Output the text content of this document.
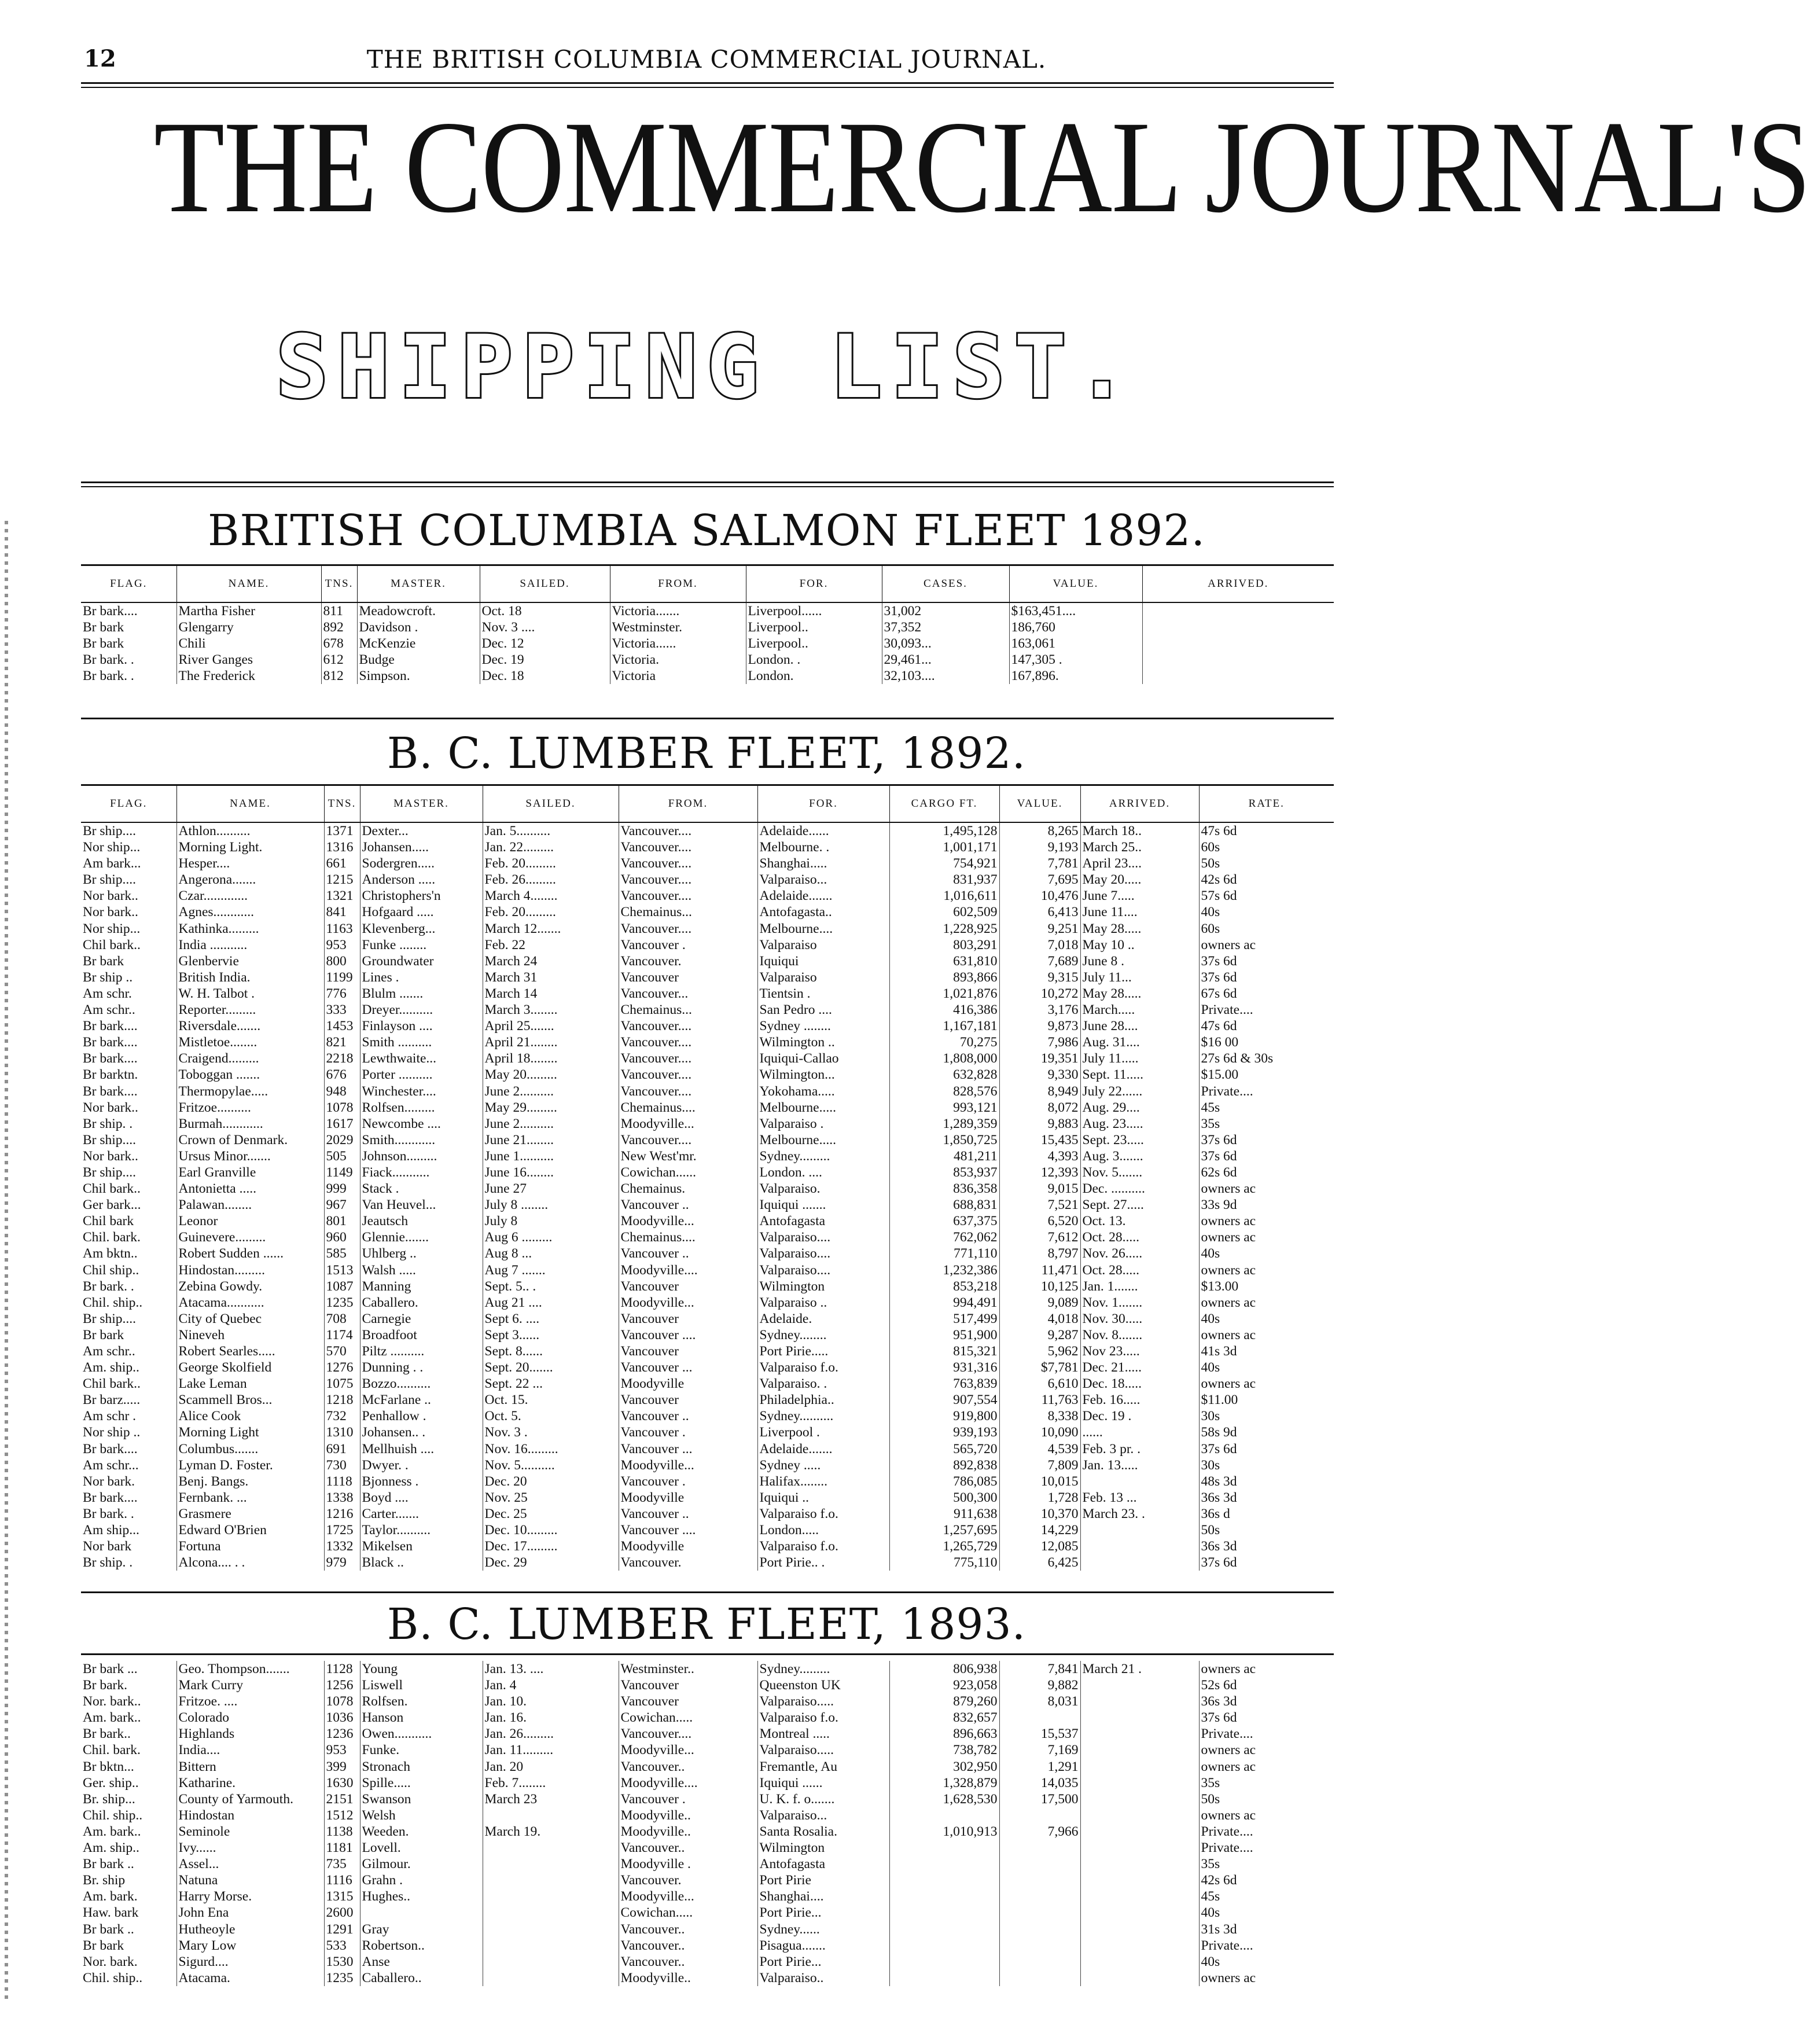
12	THE BRITISH COLUMBIA COMMERCIAL JOURNAL.
THE COMMERCIAL JOURNAL'S
SHIPPING LIST.
BRITISH COLUMBIA SALMON FLEET 1892.
FLAG.	NAME.	TNS.	MASTER.	SAILED.	FROM.	FOR.	CASES.	VALUE.	ARRIVED.
Br bark....	Martha Fisher	811	Meadowcroft.	Oct. 18	Victoria.......	Liverpool......	31,002	$163,451....	
Br bark	Glengarry	892	Davidson .	Nov. 3 ....	Westminster.	Liverpool..	37,352	186,760	
Br bark	Chili	678	McKenzie	Dec. 12	Victoria......	Liverpool..	30,093...	163,061	
Br bark. .	River Ganges	612	Budge	Dec. 19	Victoria.	London. .	29,461...	147,305 .	
Br bark. .	The Frederick	812	Simpson.	Dec. 18	Victoria	London.	32,103....	167,896.	
B. C. LUMBER FLEET, 1892.
FLAG.	NAME.	TNS.	MASTER.	SAILED.	FROM.	FOR.	CARGO FT.	VALUE.	ARRIVED.	RATE.
Br ship....	Athlon..........	1371	Dexter...	Jan. 5..........	Vancouver....	Adelaide......	1,495,128	8,265	March 18..	47s 6d
Nor ship...	Morning Light.	1316	Johansen.....	Jan. 22.........	Vancouver....	Melbourne. .	1,001,171	9,193	March 25..	60s
Am bark...	Hesper....	661	Sodergren.....	Feb. 20.........	Vancouver....	Shanghai.....	754,921	7,781	April 23....	50s
Br ship....	Angerona.......	1215	Anderson .....	Feb. 26.........	Vancouver....	Valparaiso...	831,937	7,695	May 20.....	42s 6d
Nor bark..	Czar.............	1321	Christophers'n	March 4........	Vancouver....	Adelaide.......	1,016,611	10,476	June 7.....	57s 6d
Nor bark..	Agnes............	841	Hofgaard .....	Feb. 20.........	Chemainus...	Antofagasta..	602,509	6,413	June 11....	40s
Nor ship...	Kathinka.........	1163	Klevenberg...	March 12.......	Vancouver....	Melbourne....	1,228,925	9,251	May 28.....	60s
Chil bark..	India ...........	953	Funke ........	Feb. 22	Vancouver .	Valparaiso	803,291	7,018	May 10 ..	owners ac
Br bark	Glenbervie	800	Groundwater	March 24	Vancouver.	Iquiqui	631,810	7,689	June 8 .	37s 6d
Br ship ..	British India.	1199	Lines .	March 31	Vancouver	Valparaiso	893,866	9,315	July 11...	37s 6d
Am schr.	W. H. Talbot .	776	Blulm .......	March 14	Vancouver...	Tientsin .	1,021,876	10,272	May 28.....	67s 6d
Am schr..	Reporter.........	333	Dreyer..........	March 3........	Chemainus...	San Pedro ....	416,386	3,176	March.....	Private....
Br bark....	Riversdale.......	1453	Finlayson ....	April 25.......	Vancouver....	Sydney ........	1,167,181	9,873	June 28....	47s 6d
Br bark....	Mistletoe........	821	Smith ..........	April 21........	Vancouver....	Wilmington ..	70,275	7,986	Aug. 31....	$16 00
Br bark....	Craigend.........	2218	Lewthwaite...	April 18........	Vancouver....	Iquiqui-Callao	1,808,000	19,351	July 11.....	27s 6d & 30s
Br barktn.	Toboggan .......	676	Porter ..........	May 20.........	Vancouver....	Wilmington...	632,828	9,330	Sept. 11.....	$15.00
Br bark....	Thermopylae.....	948	Winchester....	June 2..........	Vancouver....	Yokohama.....	828,576	8,949	July 22......	Private....
Nor bark..	Fritzoe..........	1078	Rolfsen.........	May 29.........	Chemainus....	Melbourne.....	993,121	8,072	Aug. 29....	45s
Br ship. .	Burmah............	1617	Newcombe ....	June 2..........	Moodyville...	Valparaiso .	1,289,359	9,883	Aug. 23.....	35s
Br ship....	Crown of Denmark.	2029	Smith............	June 21........	Vancouver....	Melbourne.....	1,850,725	15,435	Sept. 23.....	37s 6d
Nor bark..	Ursus Minor.......	505	Johnson.........	June 1..........	New West'mr.	Sydney.........	481,211	4,393	Aug. 3.......	37s 6d
Br ship....	Earl Granville	1149	Fiack...........	June 16........	Cowichan......	London. ....	853,937	12,393	Nov. 5.......	62s 6d
Chil bark..	Antonietta .....	999	Stack .	June 27	Chemainus.	Valparaiso.	836,358	9,015	Dec. ..........	owners ac
Ger bark...	Palawan........	967	Van Heuvel...	July 8 ........	Vancouver ..	Iquiqui .......	688,831	7,521	Sept. 27.....	33s 9d
Chil bark	Leonor	801	Jeautsch	July 8	Moodyville...	Antofagasta	637,375	6,520	Oct. 13.	owners ac
Chil. bark.	Guinevere.........	960	Glennie.......	Aug 6 .........	Chemainus....	Valparaiso....	762,062	7,612	Oct. 28.....	owners ac
Am bktn..	Robert Sudden ......	585	Uhlberg ..	Aug 8 ...	Vancouver ..	Valparaiso....	771,110	8,797	Nov. 26.....	40s
Chil ship..	Hindostan.........	1513	Walsh .....	Aug 7 .......	Moodyville....	Valparaiso....	1,232,386	11,471	Oct. 28.....	owners ac
Br bark. .	Zebina Gowdy.	1087	Manning	Sept. 5.. .	Vancouver	Wilmington	853,218	10,125	Jan. 1.......	$13.00
Chil. ship..	Atacama...........	1235	Caballero.	Aug 21 ....	Moodyville...	Valparaiso ..	994,491	9,089	Nov. 1.......	owners ac
Br ship....	City of Quebec	708	Carnegie	Sept 6. ....	Vancouver	Adelaide.	517,499	4,018	Nov. 30.....	40s
Br bark	Nineveh	1174	Broadfoot	Sept 3......	Vancouver ....	Sydney........	951,900	9,287	Nov. 8.......	owners ac
Am schr..	Robert Searles.....	570	Piltz ..........	Sept. 8......	Vancouver	Port Pirie.....	815,321	5,962	Nov 23.....	41s 3d
Am. ship..	George Skolfield	1276	Dunning . .	Sept. 20.......	Vancouver ...	Valparaiso f.o.	931,316	$7,781	Dec. 21.....	40s
Chil bark..	Lake Leman	1075	Bozzo..........	Sept. 22 ...	Moodyville	Valparaiso. .	763,839	6,610	Dec. 18.....	owners ac
Br barz.....	Scammell Bros...	1218	McFarlane ..	Oct. 15.	Vancouver	Philadelphia..	907,554	11,763	Feb. 16.....	$11.00
Am schr .	Alice Cook	732	Penhallow .	Oct. 5.	Vancouver ..	Sydney..........	919,800	8,338	Dec. 19 .	30s
Nor ship ..	Morning Light	1310	Johansen.. .	Nov. 3 .	Vancouver .	Liverpool .	939,193	10,090	......	58s 9d
Br bark....	Columbus.......	691	Mellhuish ....	Nov. 16.........	Vancouver ...	Adelaide.......	565,720	4,539	Feb. 3 pr. .	37s 6d
Am schr...	Lyman D. Foster.	730	Dwyer. .	Nov. 5..........	Moodyville...	Sydney .....	892,838	7,809	Jan. 13.....	30s
Nor bark.	Benj. Bangs.	1118	Bjonness .	Dec. 20	Vancouver .	Halifax........	786,085	10,015		48s 3d
Br bark....	Fernbank. ...	1338	Boyd ....	Nov. 25	Moodyville	Iquiqui ..	500,300	1,728	Feb. 13 ...	36s 3d
Br bark. .	Grasmere	1216	Carter.......	Dec. 25	Vancouver ..	Valparaiso f.o.	911,638	10,370	March 23. .	36s d
Am ship...	Edward O'Brien	1725	Taylor..........	Dec. 10.........	Vancouver ....	London.....	1,257,695	14,229		50s
Nor bark	Fortuna	1332	Mikelsen	Dec. 17.........	Moodyville	Valparaiso f.o.	1,265,729	12,085		36s 3d
Br ship. .	Alcona.... . .	979	Black ..	Dec. 29	Vancouver.	Port Pirie.. .	775,110	6,425		37s 6d
B. C. LUMBER FLEET, 1893.
Br bark ...	Geo. Thompson.......	1128	Young	Jan. 13. ....	Westminster..	Sydney.........	806,938	7,841	March 21 .	owners ac
Br bark.	Mark Curry	1256	Liswell	Jan. 4	Vancouver	Queenston UK	923,058	9,882		52s 6d
Nor. bark..	Fritzoe. ....	1078	Rolfsen.	Jan. 10.	Vancouver	Valparaiso.....	879,260	8,031		36s 3d
Am. bark..	Colorado	1036	Hanson	Jan. 16.	Cowichan.....	Valparaiso f.o.	832,657			37s 6d
Br bark..	Highlands	1236	Owen...........	Jan. 26.........	Vancouver....	Montreal .....	896,663	15,537		Private....
Chil. bark.	India....	953	Funke.	Jan. 11.........	Moodyville...	Valparaiso.....	738,782	7,169		owners ac
Br bktn...	Bittern	399	Stronach	Jan. 20	Vancouver..	Fremantle, Au	302,950	1,291		owners ac
Ger. ship..	Katharine.	1630	Spille.....	Feb. 7........	Moodyville....	Iquiqui ......	1,328,879	14,035		35s
Br. ship...	County of Yarmouth.	2151	Swanson	March 23	Vancouver .	U. K. f. o.......	1,628,530	17,500		50s
Chil. ship..	Hindostan	1512	Welsh		Moodyville..	Valparaiso...				owners ac
Am. bark..	Seminole	1138	Weeden.	March 19.	Moodyville..	Santa Rosalia.	1,010,913	7,966		Private....
Am. ship..	Ivy......	1181	Lovell.		Vancouver..	Wilmington				Private....
Br bark ..	Assel...	735	Gilmour.		Moodyville .	Antofagasta				35s
Br. ship	Natuna	1116	Grahn .		Vancouver.	Port Pirie				42s 6d
Am. bark.	Harry Morse.	1315	Hughes..		Moodyville...	Shanghai....				45s
Haw. bark	John Ena	2600			Cowichan.....	Port Pirie...				40s
Br bark ..	Hutheoyle	1291	Gray		Vancouver..	Sydney......				31s 3d
Br bark	Mary Low	533	Robertson..		Vancouver..	Pisagua.......				Private....
Nor. bark.	Sigurd....	1530	Anse		Vancouver..	Port Pirie...				40s
Chil. ship..	Atacama.	1235	Caballero..		Moodyville..	Valparaiso..				owners ac
